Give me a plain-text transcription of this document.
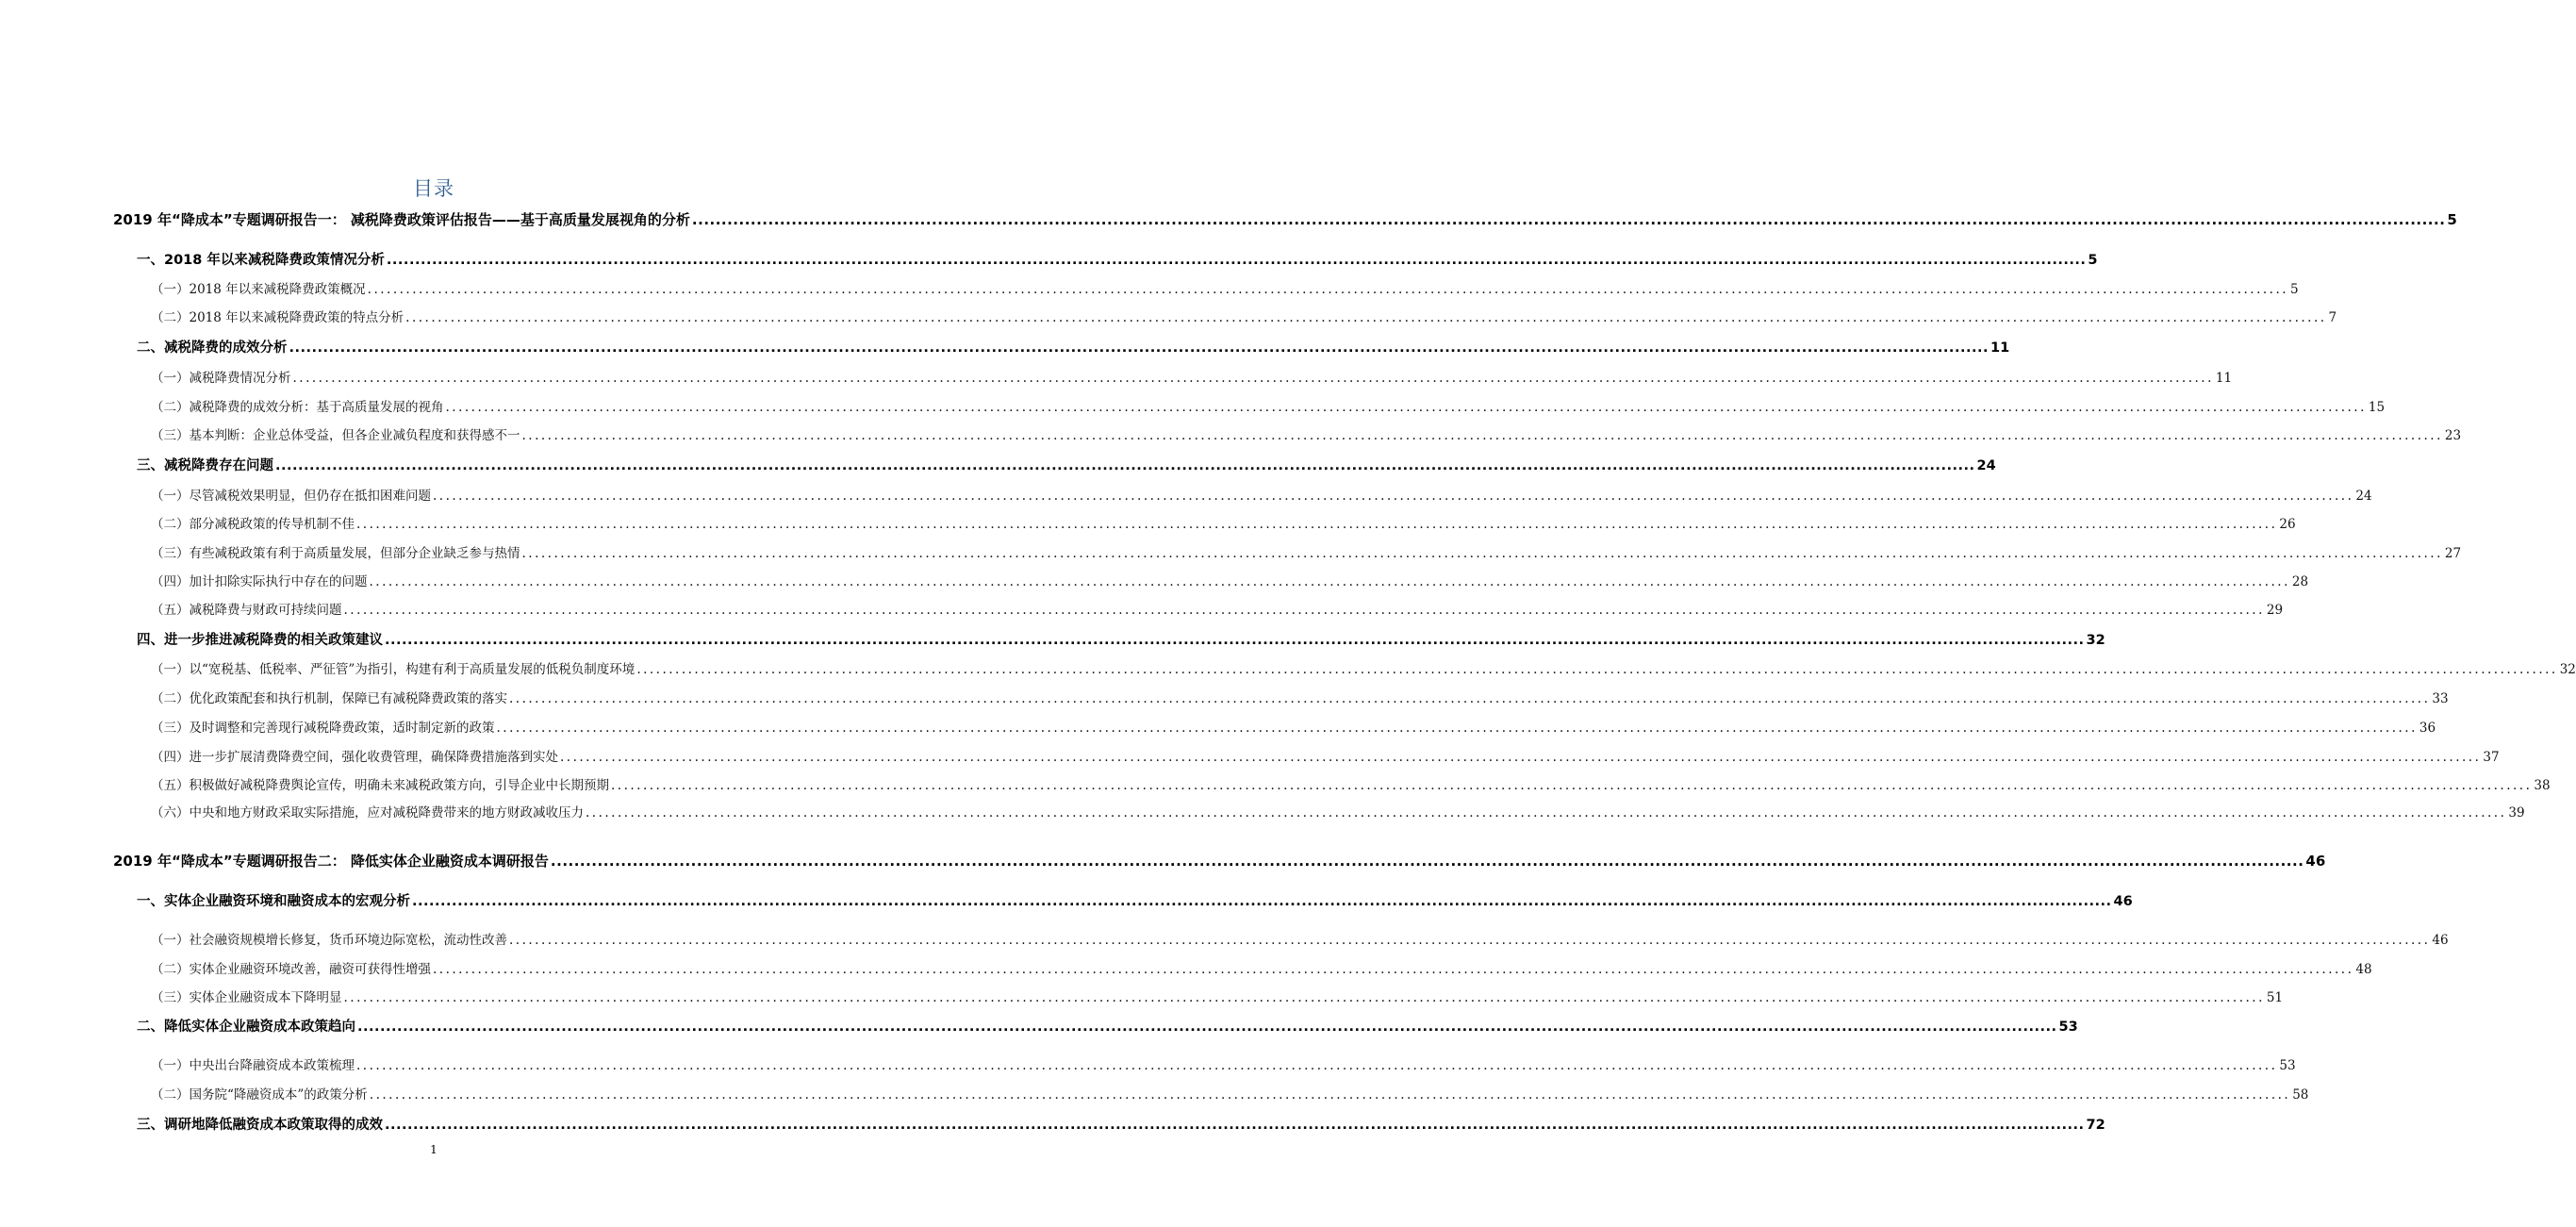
目录
2019 年“降成本”专题调研报告一： 减税降费政策评估报告——基于高质量发展视角的分析 ............................................................................................................................................................................................................................................................................................................ 5
一、2018 年以来减税降费政策情况分析 ............................................................................................................................................................................................................................................................................................................ 5
（一）2018 年以来减税降费政策概况 ............................................................................................................................................................................................................................................................................................................ 5
（二）2018 年以来减税降费政策的特点分析 ............................................................................................................................................................................................................................................................................................................ 7
二、减税降费的成效分析 ............................................................................................................................................................................................................................................................................................................ 11
（一）减税降费情况分析 ............................................................................................................................................................................................................................................................................................................ 11
（二）减税降费的成效分析：基于高质量发展的视角 ............................................................................................................................................................................................................................................................................................................ 15
（三）基本判断：企业总体受益，但各企业减负程度和获得感不一 ............................................................................................................................................................................................................................................................................................................ 23
三、减税降费存在问题 ............................................................................................................................................................................................................................................................................................................ 24
（一）尽管减税效果明显，但仍存在抵扣困难问题 ............................................................................................................................................................................................................................................................................................................ 24
（二）部分减税政策的传导机制不佳 ............................................................................................................................................................................................................................................................................................................ 26
（三）有些减税政策有利于高质量发展，但部分企业缺乏参与热情 ............................................................................................................................................................................................................................................................................................................ 27
（四）加计扣除实际执行中存在的问题 ............................................................................................................................................................................................................................................................................................................ 28
（五）减税降费与财政可持续问题 ............................................................................................................................................................................................................................................................................................................ 29
四、进一步推进减税降费的相关政策建议 ............................................................................................................................................................................................................................................................................................................ 32
（一）以“宽税基、低税率、严征管”为指引，构建有利于高质量发展的低税负制度环境 ............................................................................................................................................................................................................................................................................................................ 32
（二）优化政策配套和执行机制，保障已有减税降费政策的落实 ............................................................................................................................................................................................................................................................................................................ 33
（三）及时调整和完善现行减税降费政策，适时制定新的政策 ............................................................................................................................................................................................................................................................................................................ 36
（四）进一步扩展清费降费空间，强化收费管理，确保降费措施落到实处 ............................................................................................................................................................................................................................................................................................................ 37
（五）积极做好减税降费舆论宣传，明确未来减税政策方向，引导企业中长期预期 ............................................................................................................................................................................................................................................................................................................ 38
（六）中央和地方财政采取实际措施，应对减税降费带来的地方财政减收压力 ............................................................................................................................................................................................................................................................................................................ 39
2019 年“降成本”专题调研报告二： 降低实体企业融资成本调研报告 ............................................................................................................................................................................................................................................................................................................ 46
一、实体企业融资环境和融资成本的宏观分析 ............................................................................................................................................................................................................................................................................................................ 46
（一）社会融资规模增长修复，货币环境边际宽松，流动性改善 ............................................................................................................................................................................................................................................................................................................ 46
（二）实体企业融资环境改善，融资可获得性增强 ............................................................................................................................................................................................................................................................................................................ 48
（三）实体企业融资成本下降明显 ............................................................................................................................................................................................................................................................................................................ 51
二、降低实体企业融资成本政策趋向 ............................................................................................................................................................................................................................................................................................................ 53
（一）中央出台降融资成本政策梳理 ............................................................................................................................................................................................................................................................................................................ 53
（二）国务院“降融资成本”的政策分析 ............................................................................................................................................................................................................................................................................................................ 58
三、调研地降低融资成本政策取得的成效 ............................................................................................................................................................................................................................................................................................................ 72
1
